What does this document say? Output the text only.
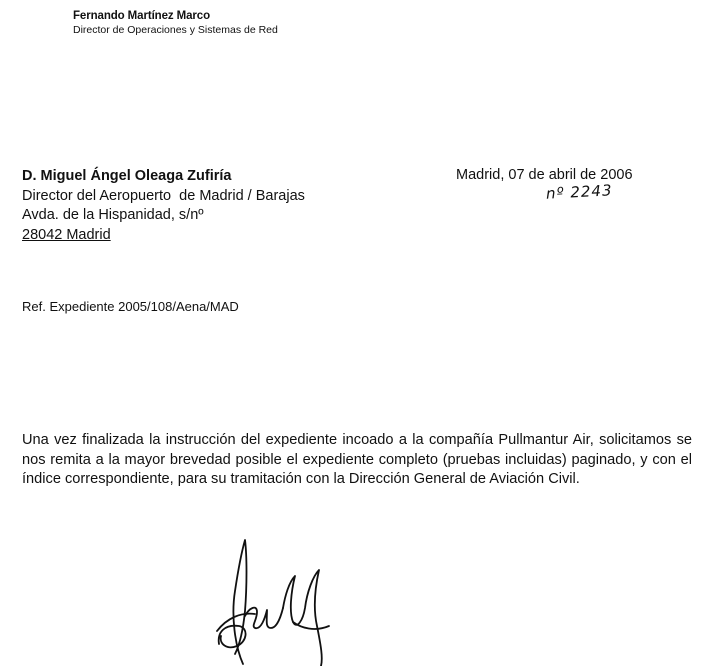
Fernando Martínez Marco
Director de Operaciones y Sistemas de Red
D. Miguel Ángel Oleaga Zufiría
Director del Aeropuerto  de Madrid / Barajas
Avda. de la Hispanidad, s/nº
28042 Madrid
Madrid, 07 de abril de 2006
nº 2243
Ref. Expediente 2005/108/Aena/MAD
Una vez finalizada la instrucción del expediente incoado a la compañía Pullmantur Air, solicitamos se nos remita a la mayor brevedad posible el expediente completo (pruebas incluidas) paginado, y con el índice correspondiente, para su tramitación con la Dirección General de Aviación Civil.
